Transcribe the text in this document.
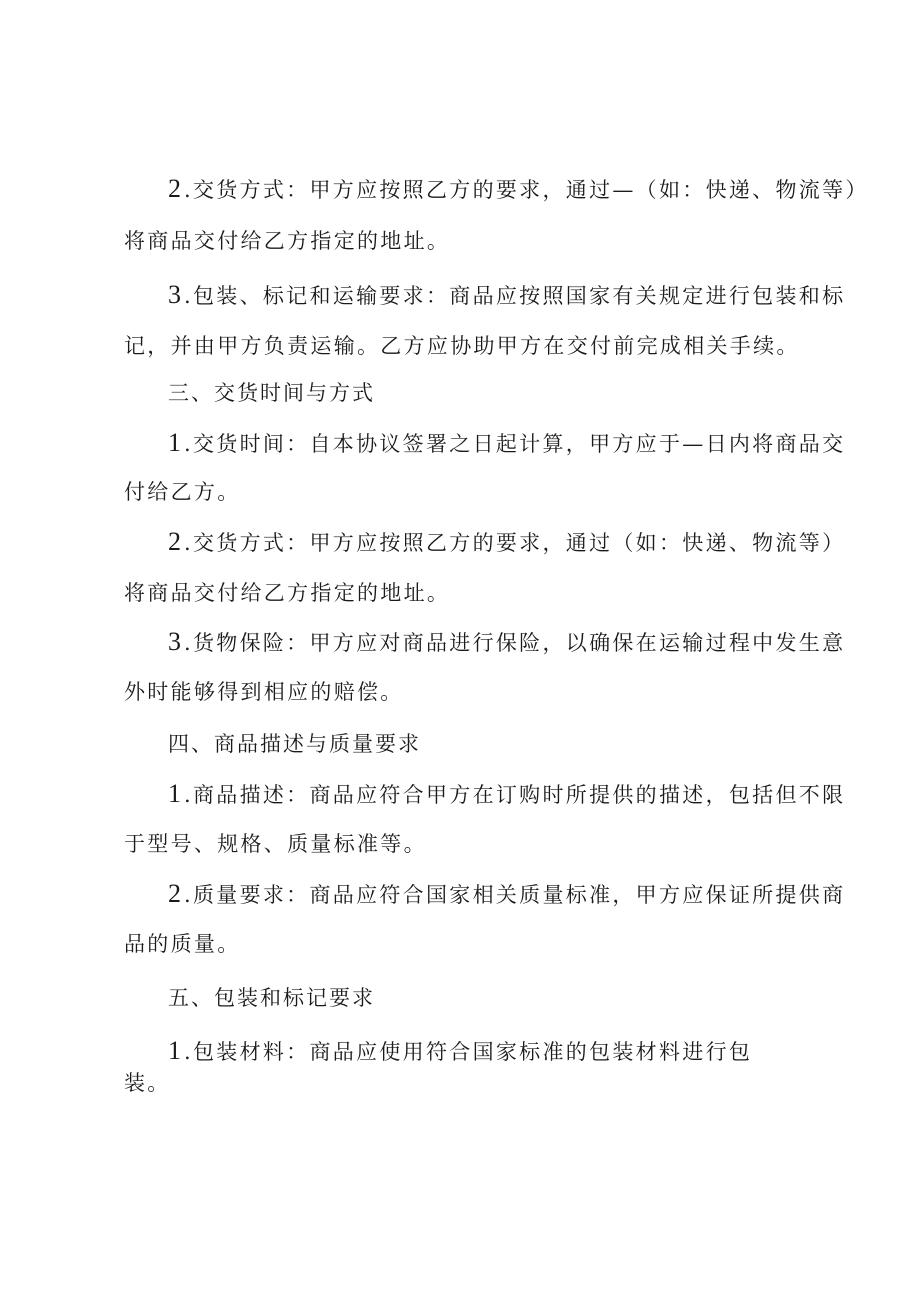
2 .交货方式：甲方应按照乙方的要求，通过—（如：快递、物流等）
将商品交付给乙方指定的地址。
3 .包装、标记和运输要求：商品应按照国家有关规定进行包装和标
记，并由甲方负责运输。乙方应协助甲方在交付前完成相关手续。
三、交货时间与方式
1 .交货时间：自本协议签署之日起计算，甲方应于—日内将商品交
付给乙方。
2 .交货方式：甲方应按照乙方的要求，通过（如：快递、物流等）
将商品交付给乙方指定的地址。
3 .货物保险：甲方应对商品进行保险，以确保在运输过程中发生意
外时能够得到相应的赔偿。
四、商品描述与质量要求
1 .商品描述：商品应符合甲方在订购时所提供的描述，包括但不限
于型号、规格、质量标准等。
2 .质量要求：商品应符合国家相关质量标准，甲方应保证所提供商
品的质量。
五、包装和标记要求
1 .包装材料：商品应使用符合国家标准的包装材料进行包
装。
